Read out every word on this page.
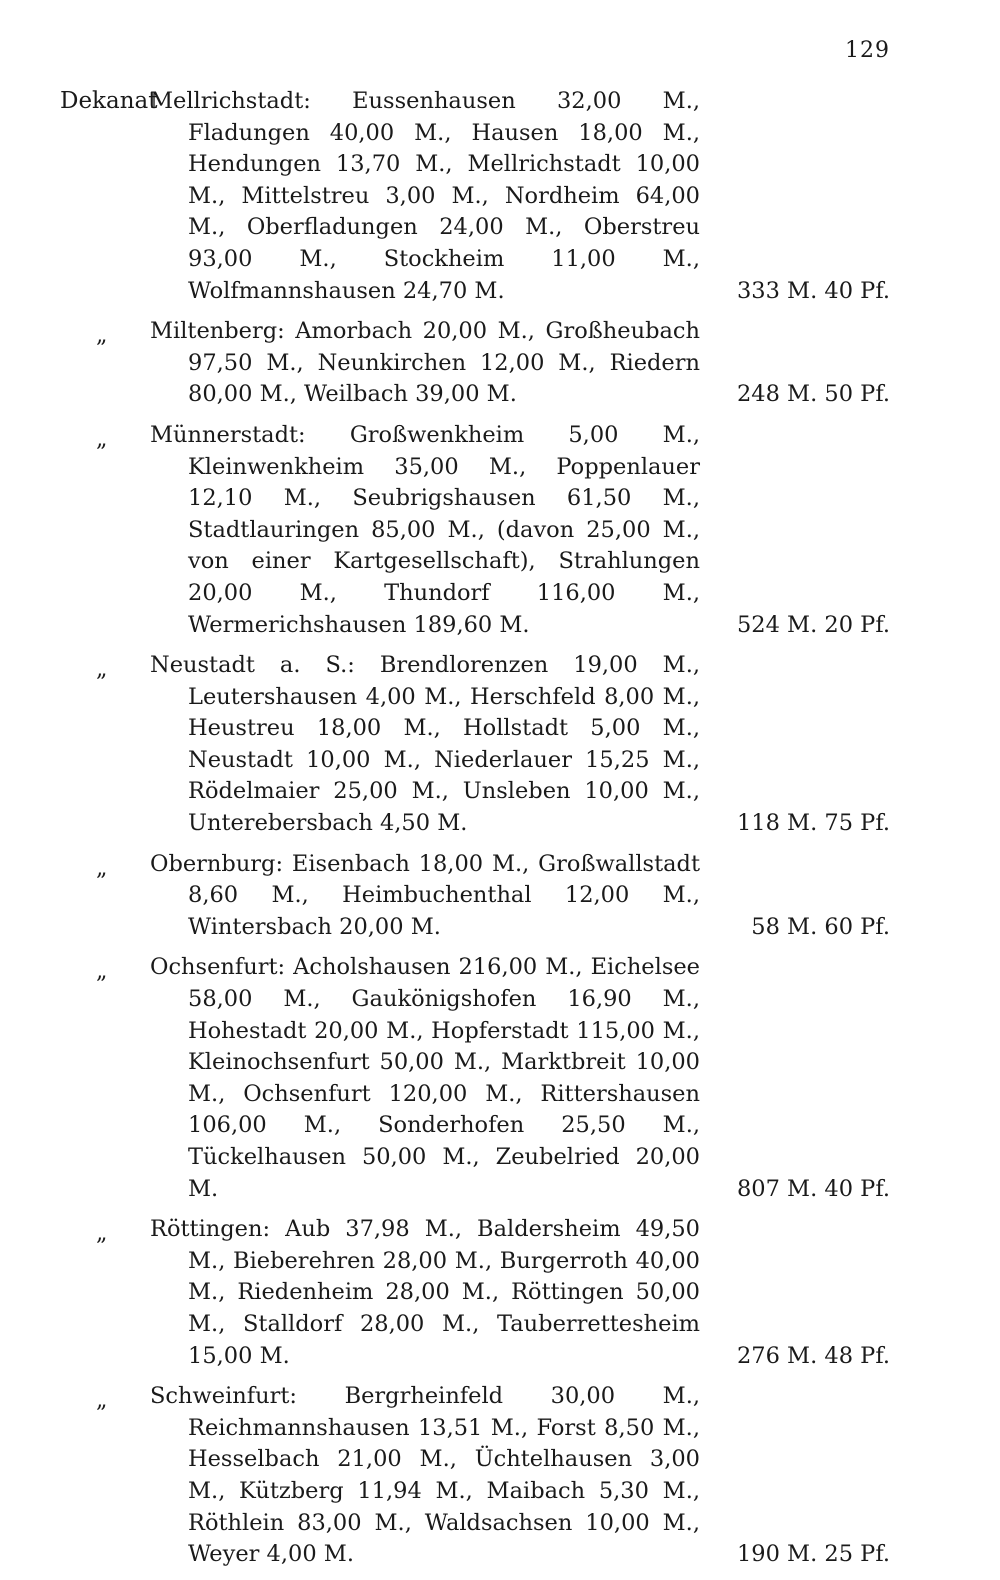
129
Dekanat
Mellrichstadt: Eussenhausen 32,00 M., Fladungen 40,00 M., Hausen 18,00 M., Hendungen 13,70 M., Mellrichstadt 10,00 M., Mittelstreu 3,00 M., Nordheim 64,00 M., Oberfladungen 24,00 M., Oberstreu 93,00 M., Stockheim 11,00 M., Wolfmannshausen 24,70 M.	333 M. 40 Pf.
„ Miltenberg: Amorbach 20,00 M., Großheubach 97,50 M., Neunkirchen 12,00 M., Riedern 80,00 M., Weilbach 39,00 M.	248 M. 50 Pf.
„ Münnerstadt: Großwenkheim 5,00 M., Kleinwenkheim 35,00 M., Poppenlauer 12,10 M., Seubrigshausen 61,50 M., Stadtlauringen 85,00 M., (davon 25,00 M., von einer Kartgesellschaft), Strahlungen 20,00 M., Thundorf 116,00 M., Wermerichshausen 189,60 M.	524 M. 20 Pf.
„ Neustadt a. S.: Brendlorenzen 19,00 M., Leutershausen 4,00 M., Herschfeld 8,00 M., Heustreu 18,00 M., Hollstadt 5,00 M., Neustadt 10,00 M., Niederlauer 15,25 M., Rödelmaier 25,00 M., Unsleben 10,00 M., Unterebersbach 4,50 M.	118 M. 75 Pf.
„ Obernburg: Eisenbach 18,00 M., Großwallstadt 8,60 M., Heimbuchenthal 12,00 M., Wintersbach 20,00 M.	58 M. 60 Pf.
„ Ochsenfurt: Acholshausen 216,00 M., Eichelsee 58,00 M., Gaukönigshofen 16,90 M., Hohestadt 20,00 M., Hopferstadt 115,00 M., Kleinochsenfurt 50,00 M., Marktbreit 10,00 M., Ochsenfurt 120,00 M., Rittershausen 106,00 M., Sonderhofen 25,50 M., Tückelhausen 50,00 M., Zeubelried 20,00 M.	807 M. 40 Pf.
„ Röttingen: Aub 37,98 M., Baldersheim 49,50 M., Bieberehren 28,00 M., Burgerroth 40,00 M., Riedenheim 28,00 M., Röttingen 50,00 M., Stalldorf 28,00 M., Tauberrettesheim 15,00 M.	276 M. 48 Pf.
„ Schweinfurt: Bergrheinfeld 30,00 M., Reichmannshausen 13,51 M., Forst 8,50 M., Hesselbach 21,00 M., Üchtelhausen 3,00 M., Kützberg 11,94 M., Maibach 5,30 M., Röthlein 83,00 M., Waldsachsen 10,00 M., Weyer 4,00 M.	190 M. 25 Pf.
